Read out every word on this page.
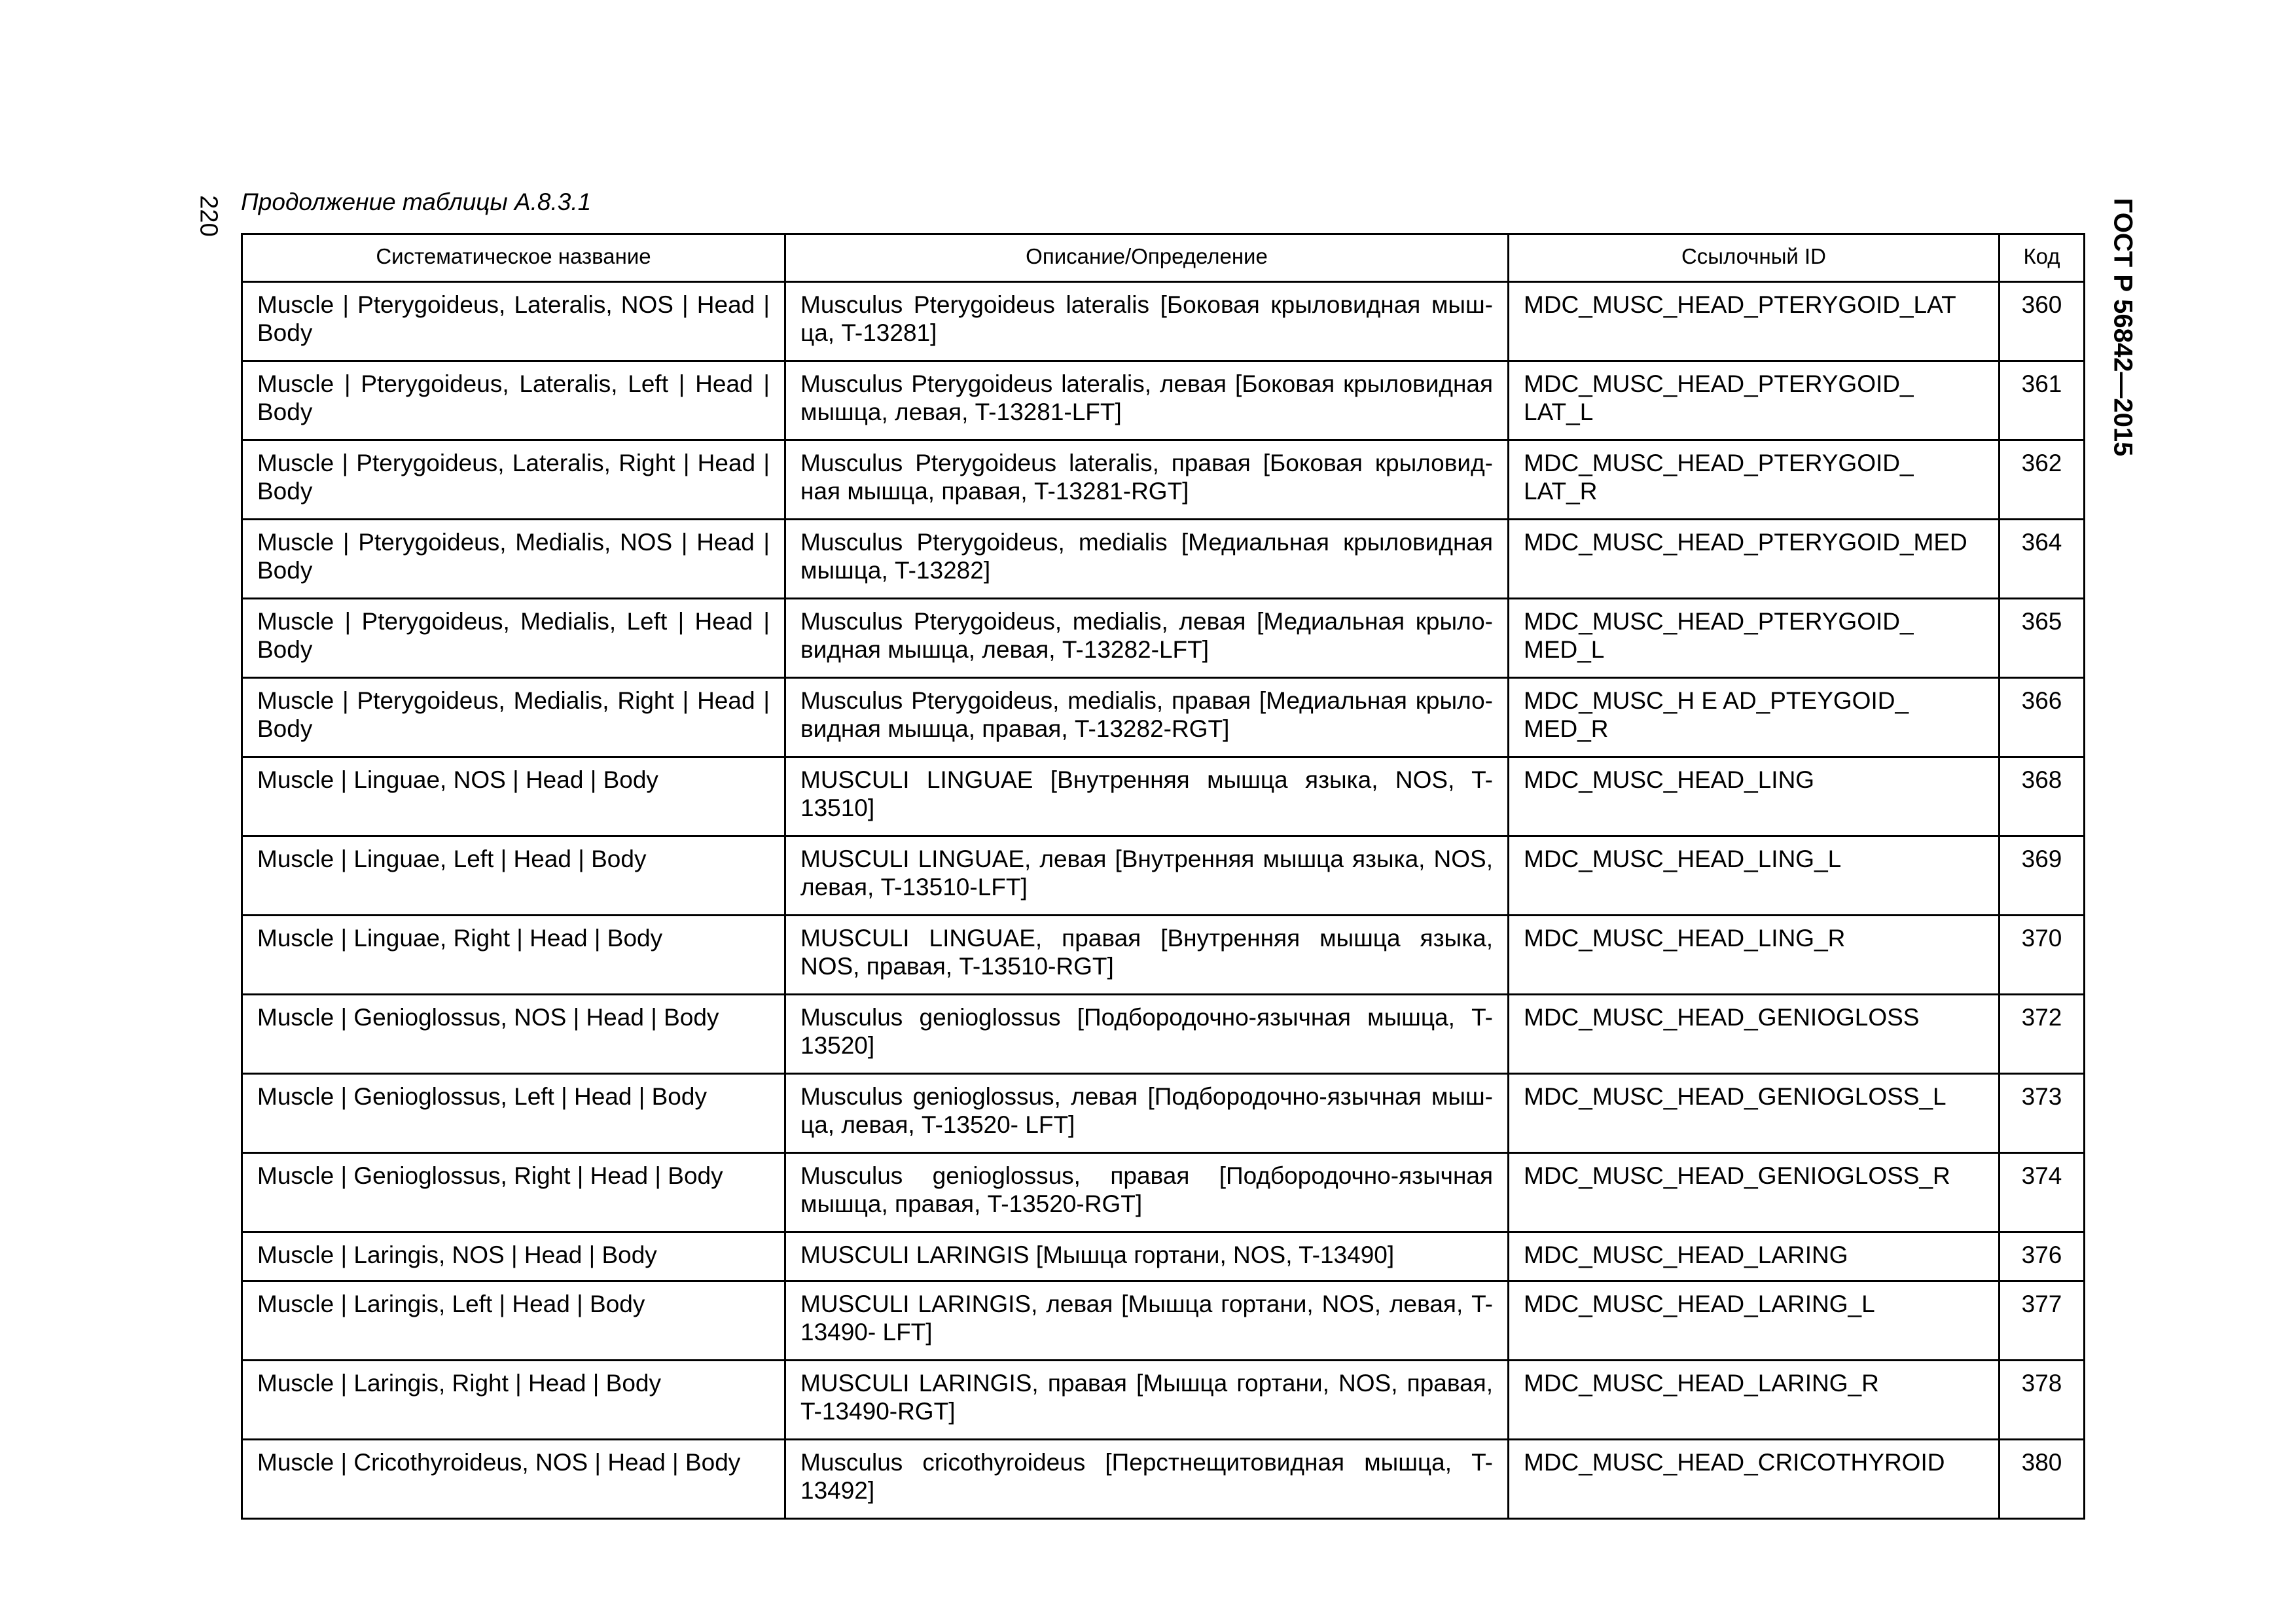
220	ГОСТ Р 56842—2015
Продолжение таблицы А.8.3.1
Систематическое название	Описание/Определение	Ссылочный ID	Код

Muscle | Pterygoideus, Lateralis, NOS | Head | Body	Musculus Pterygoideus lateralis [Боковая крыловидная мыш-ца, T-13281]	MDC_MUSC_HEAD_PTERYGOID_LAT	360
Muscle | Pterygoideus, Lateralis, Left | Head | Body	Musculus Pterygoideus lateralis, левая [Боковая крыловидная мышца, левая, T-13281-LFT]	MDC_MUSC_HEAD_PTERYGOID_ LAT_L	361
Muscle | Pterygoideus, Lateralis, Right | Head | Body	Musculus Pterygoideus lateralis, правая [Боковая крыловид-ная мышца, правая, T-13281-RGT]	MDC_MUSC_HEAD_PTERYGOID_ LAT_R	362
Muscle | Pterygoideus, Medialis, NOS | Head | Body	Musculus Pterygoideus, medialis [Медиальная крыловидная мышца, T-13282]	MDC_MUSC_HEAD_PTERYGOID_MED	364
Muscle | Pterygoideus, Medialis, Left | Head | Body	Musculus Pterygoideus, medialis, левая [Медиальная крыло-видная мышца, левая, T-13282-LFT]	MDC_MUSC_HEAD_PTERYGOID_ MED_L	365
Muscle | Pterygoideus, Medialis, Right | Head | Body	Musculus Pterygoideus, medialis, правая [Медиальная крыло-видная мышца, правая, T-13282-RGT]	MDC_MUSC_H E AD_PTEYGOID_ MED_R	366
Muscle | Linguae, NOS | Head | Body	MUSCULI LINGUAE [Внутренняя мышца языка, NOS, T-13510]	MDC_MUSC_HEAD_LING	368
Muscle | Linguae, Left | Head | Body	MUSCULI LINGUAE, левая [Внутренняя мышца языка, NOS, левая, T-13510-LFT]	MDC_MUSC_HEAD_LING_L	369
Muscle | Linguae, Right | Head | Body	MUSCULI LINGUAE, правая [Внутренняя мышца языка, NOS, правая, T-13510-RGT]	MDC_MUSC_HEAD_LING_R	370
Muscle | Genioglossus, NOS | Head | Body	Musculus genioglossus [Подбородочно-язычная мышца, T-13520]	MDC_MUSC_HEAD_GENIOGLOSS	372
Muscle | Genioglossus, Left | Head | Body	Musculus genioglossus, левая [Подбородочно-язычная мыш-ца, левая, T-13520- LFT]	MDC_MUSC_HEAD_GENIOGLOSS_L	373
Muscle | Genioglossus, Right | Head | Body	Musculus genioglossus, правая [Подбородочно-язычная мышца, правая, T-13520-RGT]	MDC_MUSC_HEAD_GENIOGLOSS_R	374
Muscle | Laringis, NOS | Head | Body	MUSCULI LARINGIS [Мышца гортани, NOS, T-13490]	MDC_MUSC_HEAD_LARING	376
Muscle | Laringis, Left | Head | Body	MUSCULI LARINGIS, левая [Мышца гортани, NOS, левая, T-13490- LFT]	MDC_MUSC_HEAD_LARING_L	377
Muscle | Laringis, Right | Head | Body	MUSCULI LARINGIS, правая [Мышца гортани, NOS, правая, T-13490-RGT]	MDC_MUSC_HEAD_LARING_R	378
Muscle | Cricothyroideus, NOS | Head | Body	Musculus cricothyroideus [Перстнещитовидная мышца, T-13492]	MDC_MUSC_HEAD_CRICOTHYROID	380
